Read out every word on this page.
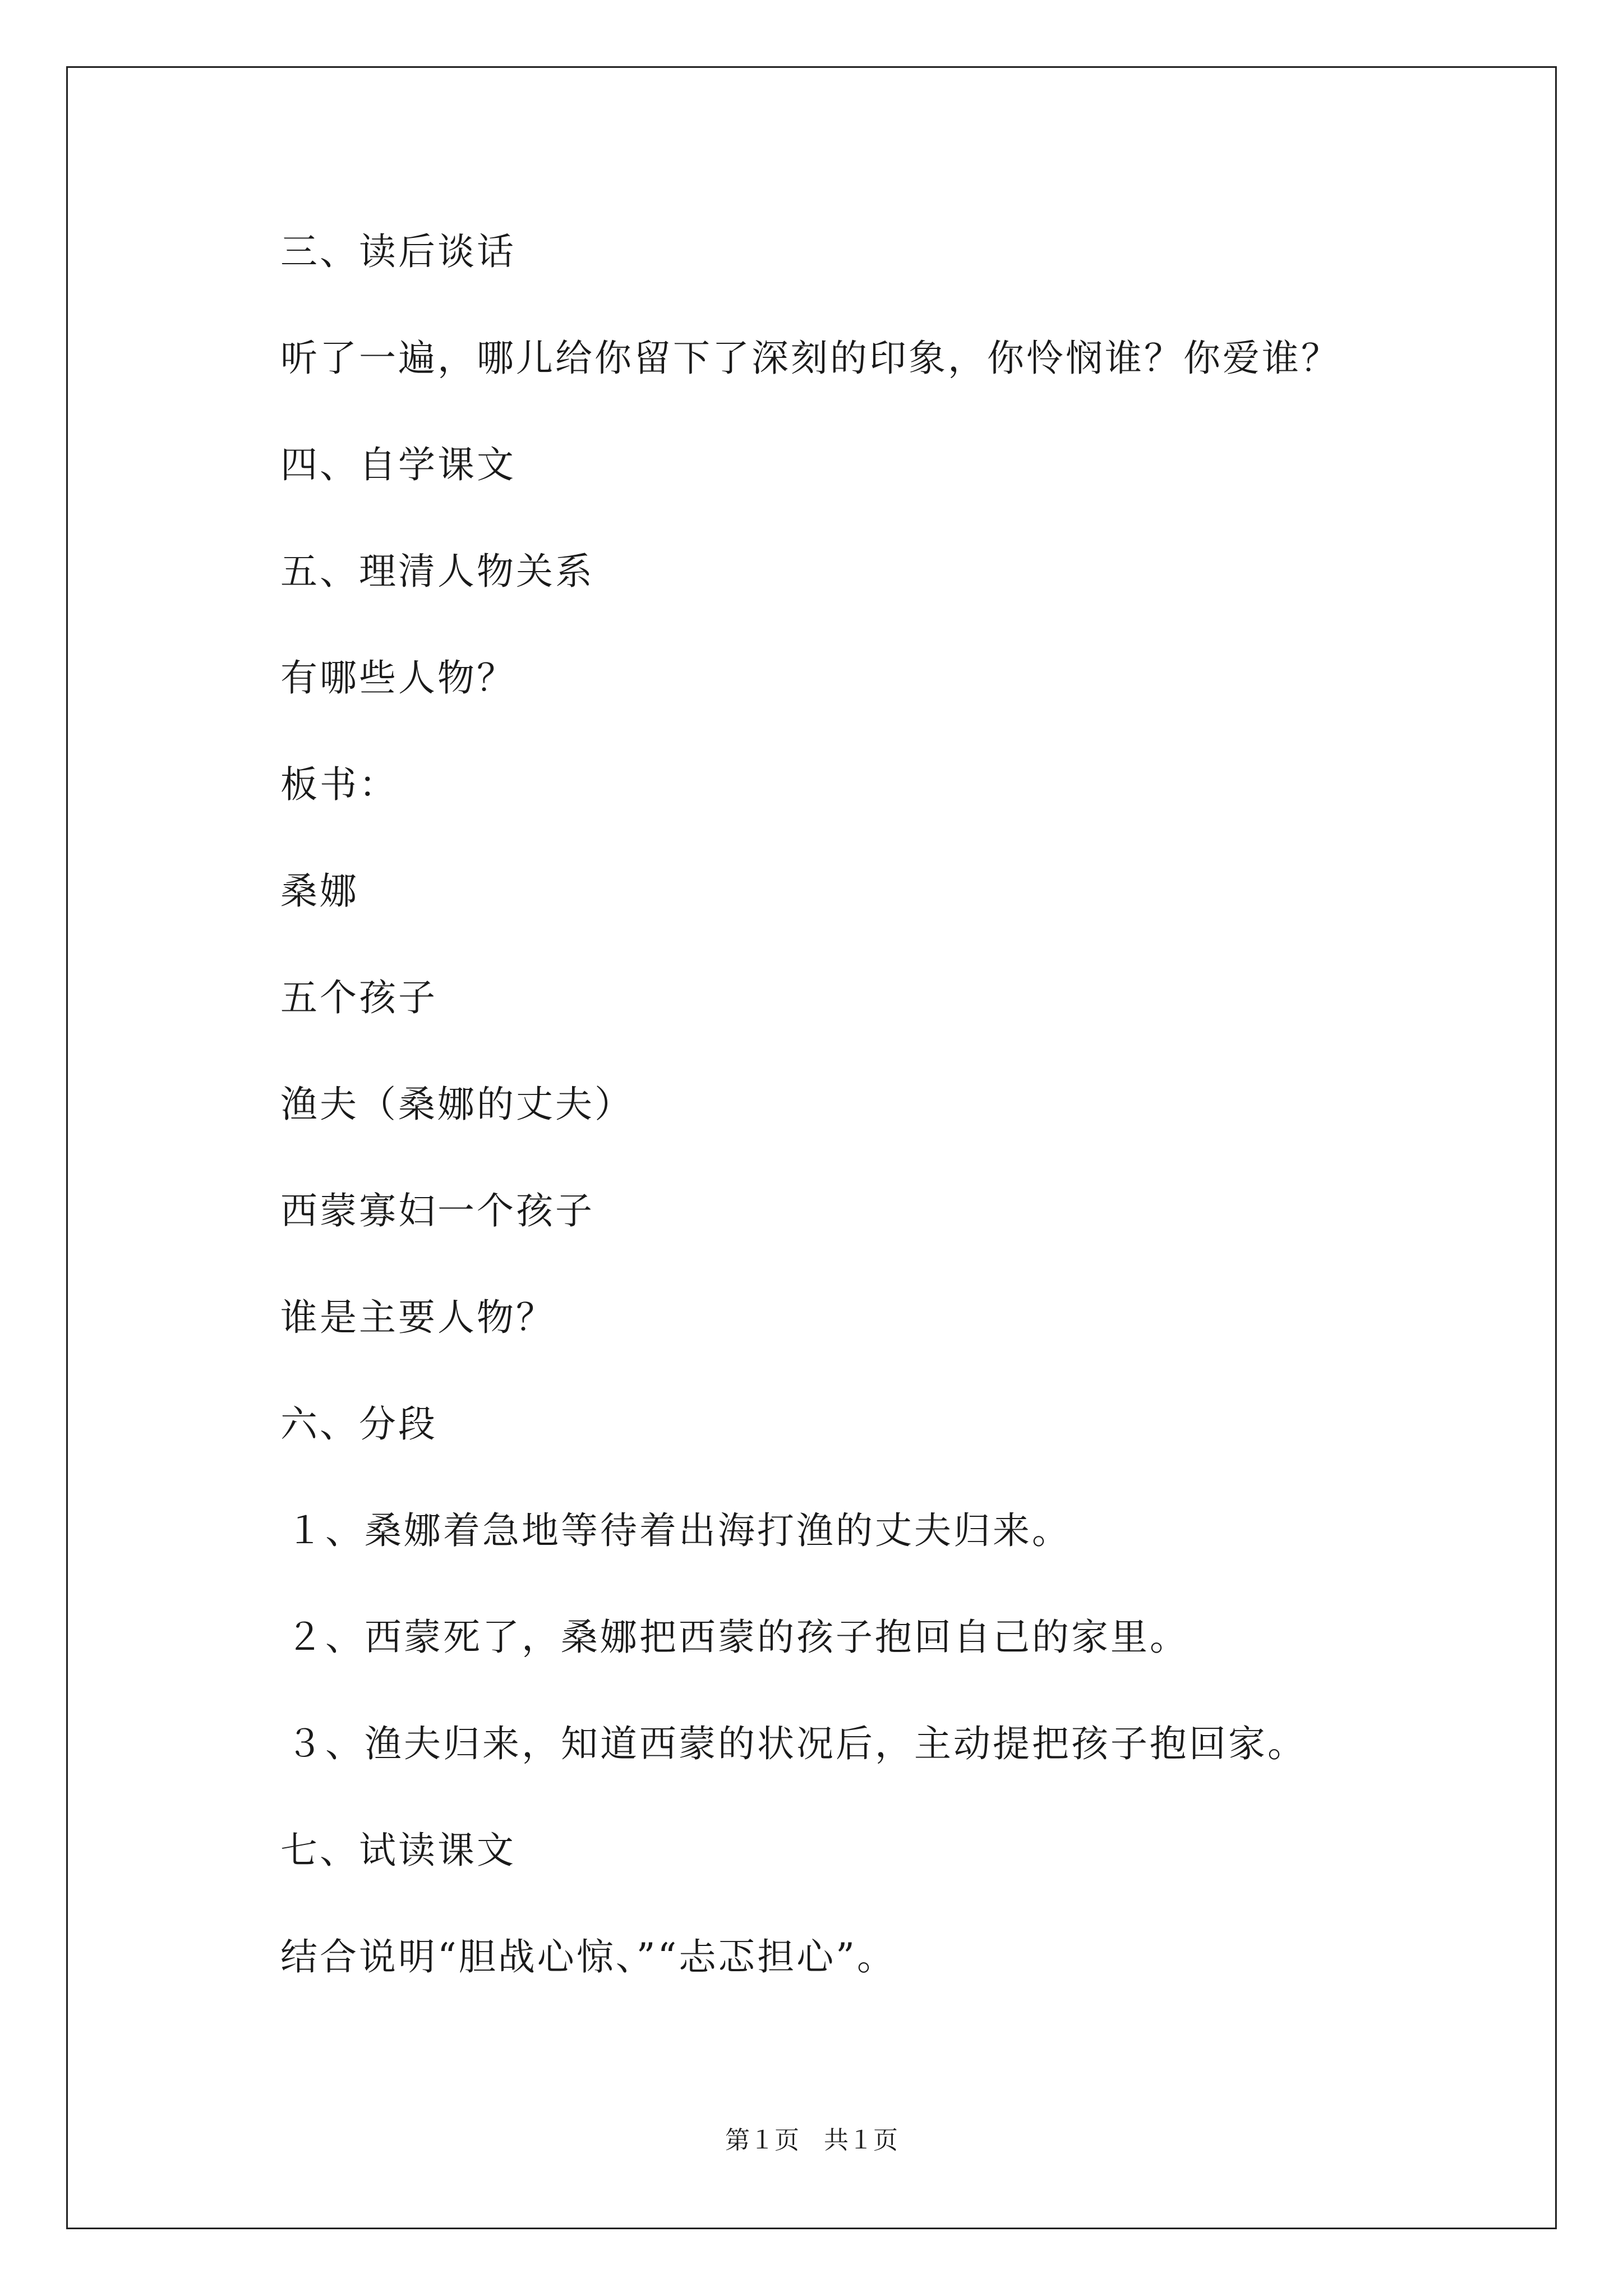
三、读后谈话
听了一遍，哪儿给你留下了深刻的印象，你怜悯谁？你爱谁？
四、自学课文
五、理清人物关系
有哪些人物？
板书：
桑娜
五个孩子
渔夫（桑娜的丈夫）
西蒙寡妇一个孩子
谁是主要人物？
六、分段
１、桑娜着急地等待着出海打渔的丈夫归来。
２、西蒙死了，桑娜把西蒙的孩子抱回自己的家里。
３、渔夫归来，知道西蒙的状况后，主动提把孩子抱回家。
七、试读课文
结合说明“胆战心惊、”“忐忑担心”。
第１页　共１页
